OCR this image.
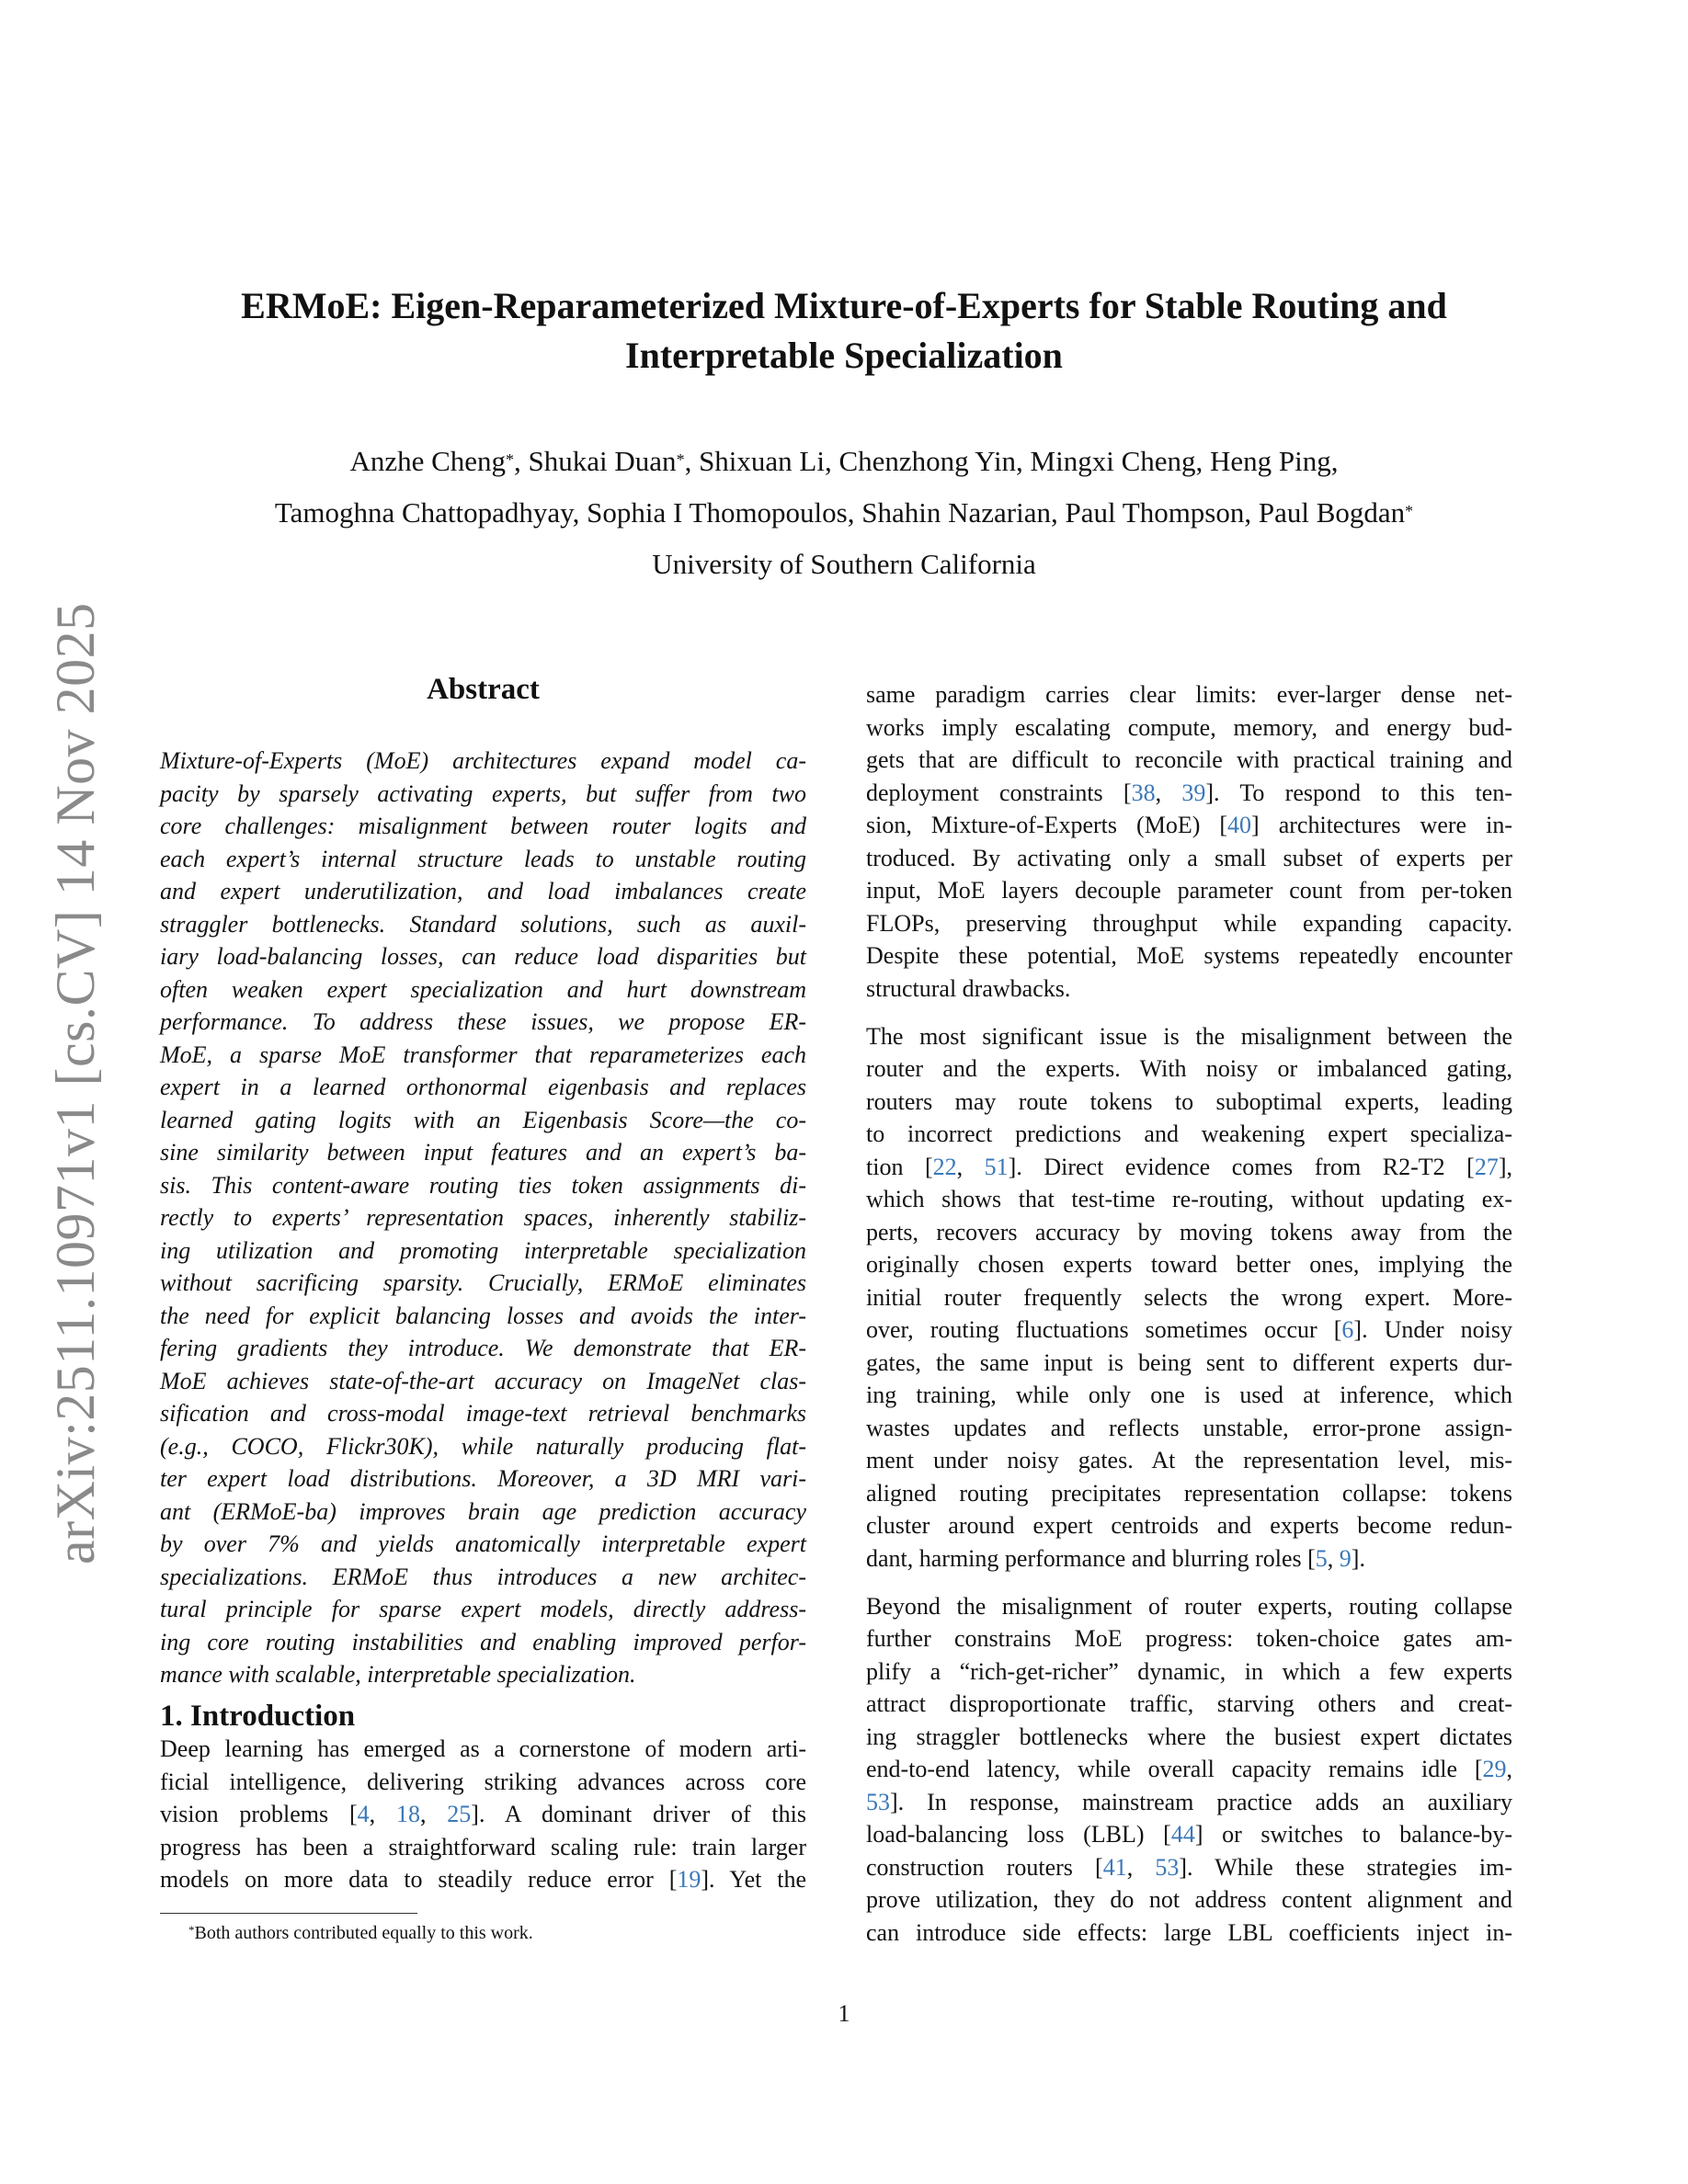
arXiv:2511.10971v1 [cs.CV] 14 Nov 2025
ERMoE: Eigen-Reparameterized Mixture-of-Experts for Stable Routing and
Interpretable Specialization
Anzhe Cheng*, Shukai Duan*, Shixuan Li, Chenzhong Yin, Mingxi Cheng, Heng Ping,
Tamoghna Chattopadhyay, Sophia I Thomopoulos, Shahin Nazarian, Paul Thompson, Paul Bogdan*
University of Southern California
Abstract
Mixture-of-Experts (MoE) architectures expand model ca-
pacity by sparsely activating experts, but suffer from two
core challenges: misalignment between router logits and
each expert’s internal structure leads to unstable routing
and expert underutilization, and load imbalances create
straggler bottlenecks. Standard solutions, such as auxil-
iary load-balancing losses, can reduce load disparities but
often weaken expert specialization and hurt downstream
performance. To address these issues, we propose ER-
MoE, a sparse MoE transformer that reparameterizes each
expert in a learned orthonormal eigenbasis and replaces
learned gating logits with an Eigenbasis Score—the co-
sine similarity between input features and an expert’s ba-
sis. This content-aware routing ties token assignments di-
rectly to experts’ representation spaces, inherently stabiliz-
ing utilization and promoting interpretable specialization
without sacrificing sparsity. Crucially, ERMoE eliminates
the need for explicit balancing losses and avoids the inter-
fering gradients they introduce. We demonstrate that ER-
MoE achieves state-of-the-art accuracy on ImageNet clas-
sification and cross-modal image-text retrieval benchmarks
(e.g., COCO, Flickr30K), while naturally producing flat-
ter expert load distributions. Moreover, a 3D MRI vari-
ant (ERMoE-ba) improves brain age prediction accuracy
by over 7% and yields anatomically interpretable expert
specializations. ERMoE thus introduces a new architec-
tural principle for sparse expert models, directly address-
ing core routing instabilities and enabling improved perfor-
mance with scalable, interpretable specialization.
1. Introduction
Deep learning has emerged as a cornerstone of modern arti-
ficial intelligence, delivering striking advances across core
vision problems [4, 18, 25]. A dominant driver of this
progress has been a straightforward scaling rule: train larger
models on more data to steadily reduce error [19]. Yet the
same paradigm carries clear limits: ever-larger dense net-
works imply escalating compute, memory, and energy bud-
gets that are difficult to reconcile with practical training and
deployment constraints [38, 39]. To respond to this ten-
sion, Mixture-of-Experts (MoE) [40] architectures were in-
troduced. By activating only a small subset of experts per
input, MoE layers decouple parameter count from per-token
FLOPs, preserving throughput while expanding capacity.
Despite these potential, MoE systems repeatedly encounter
structural drawbacks.
The most significant issue is the misalignment between the
router and the experts. With noisy or imbalanced gating,
routers may route tokens to suboptimal experts, leading
to incorrect predictions and weakening expert specializa-
tion [22, 51]. Direct evidence comes from R2-T2 [27],
which shows that test-time re-routing, without updating ex-
perts, recovers accuracy by moving tokens away from the
originally chosen experts toward better ones, implying the
initial router frequently selects the wrong expert. More-
over, routing fluctuations sometimes occur [6]. Under noisy
gates, the same input is being sent to different experts dur-
ing training, while only one is used at inference, which
wastes updates and reflects unstable, error-prone assign-
ment under noisy gates. At the representation level, mis-
aligned routing precipitates representation collapse: tokens
cluster around expert centroids and experts become redun-
dant, harming performance and blurring roles [5, 9].
Beyond the misalignment of router experts, routing collapse
further constrains MoE progress: token-choice gates am-
plify a “rich-get-richer” dynamic, in which a few experts
attract disproportionate traffic, starving others and creat-
ing straggler bottlenecks where the busiest expert dictates
end-to-end latency, while overall capacity remains idle [29,
53]. In response, mainstream practice adds an auxiliary
load-balancing loss (LBL) [44] or switches to balance-by-
construction routers [41, 53]. While these strategies im-
prove utilization, they do not address content alignment and
can introduce side effects: large LBL coefficients inject in-
*Both authors contributed equally to this work.
1
